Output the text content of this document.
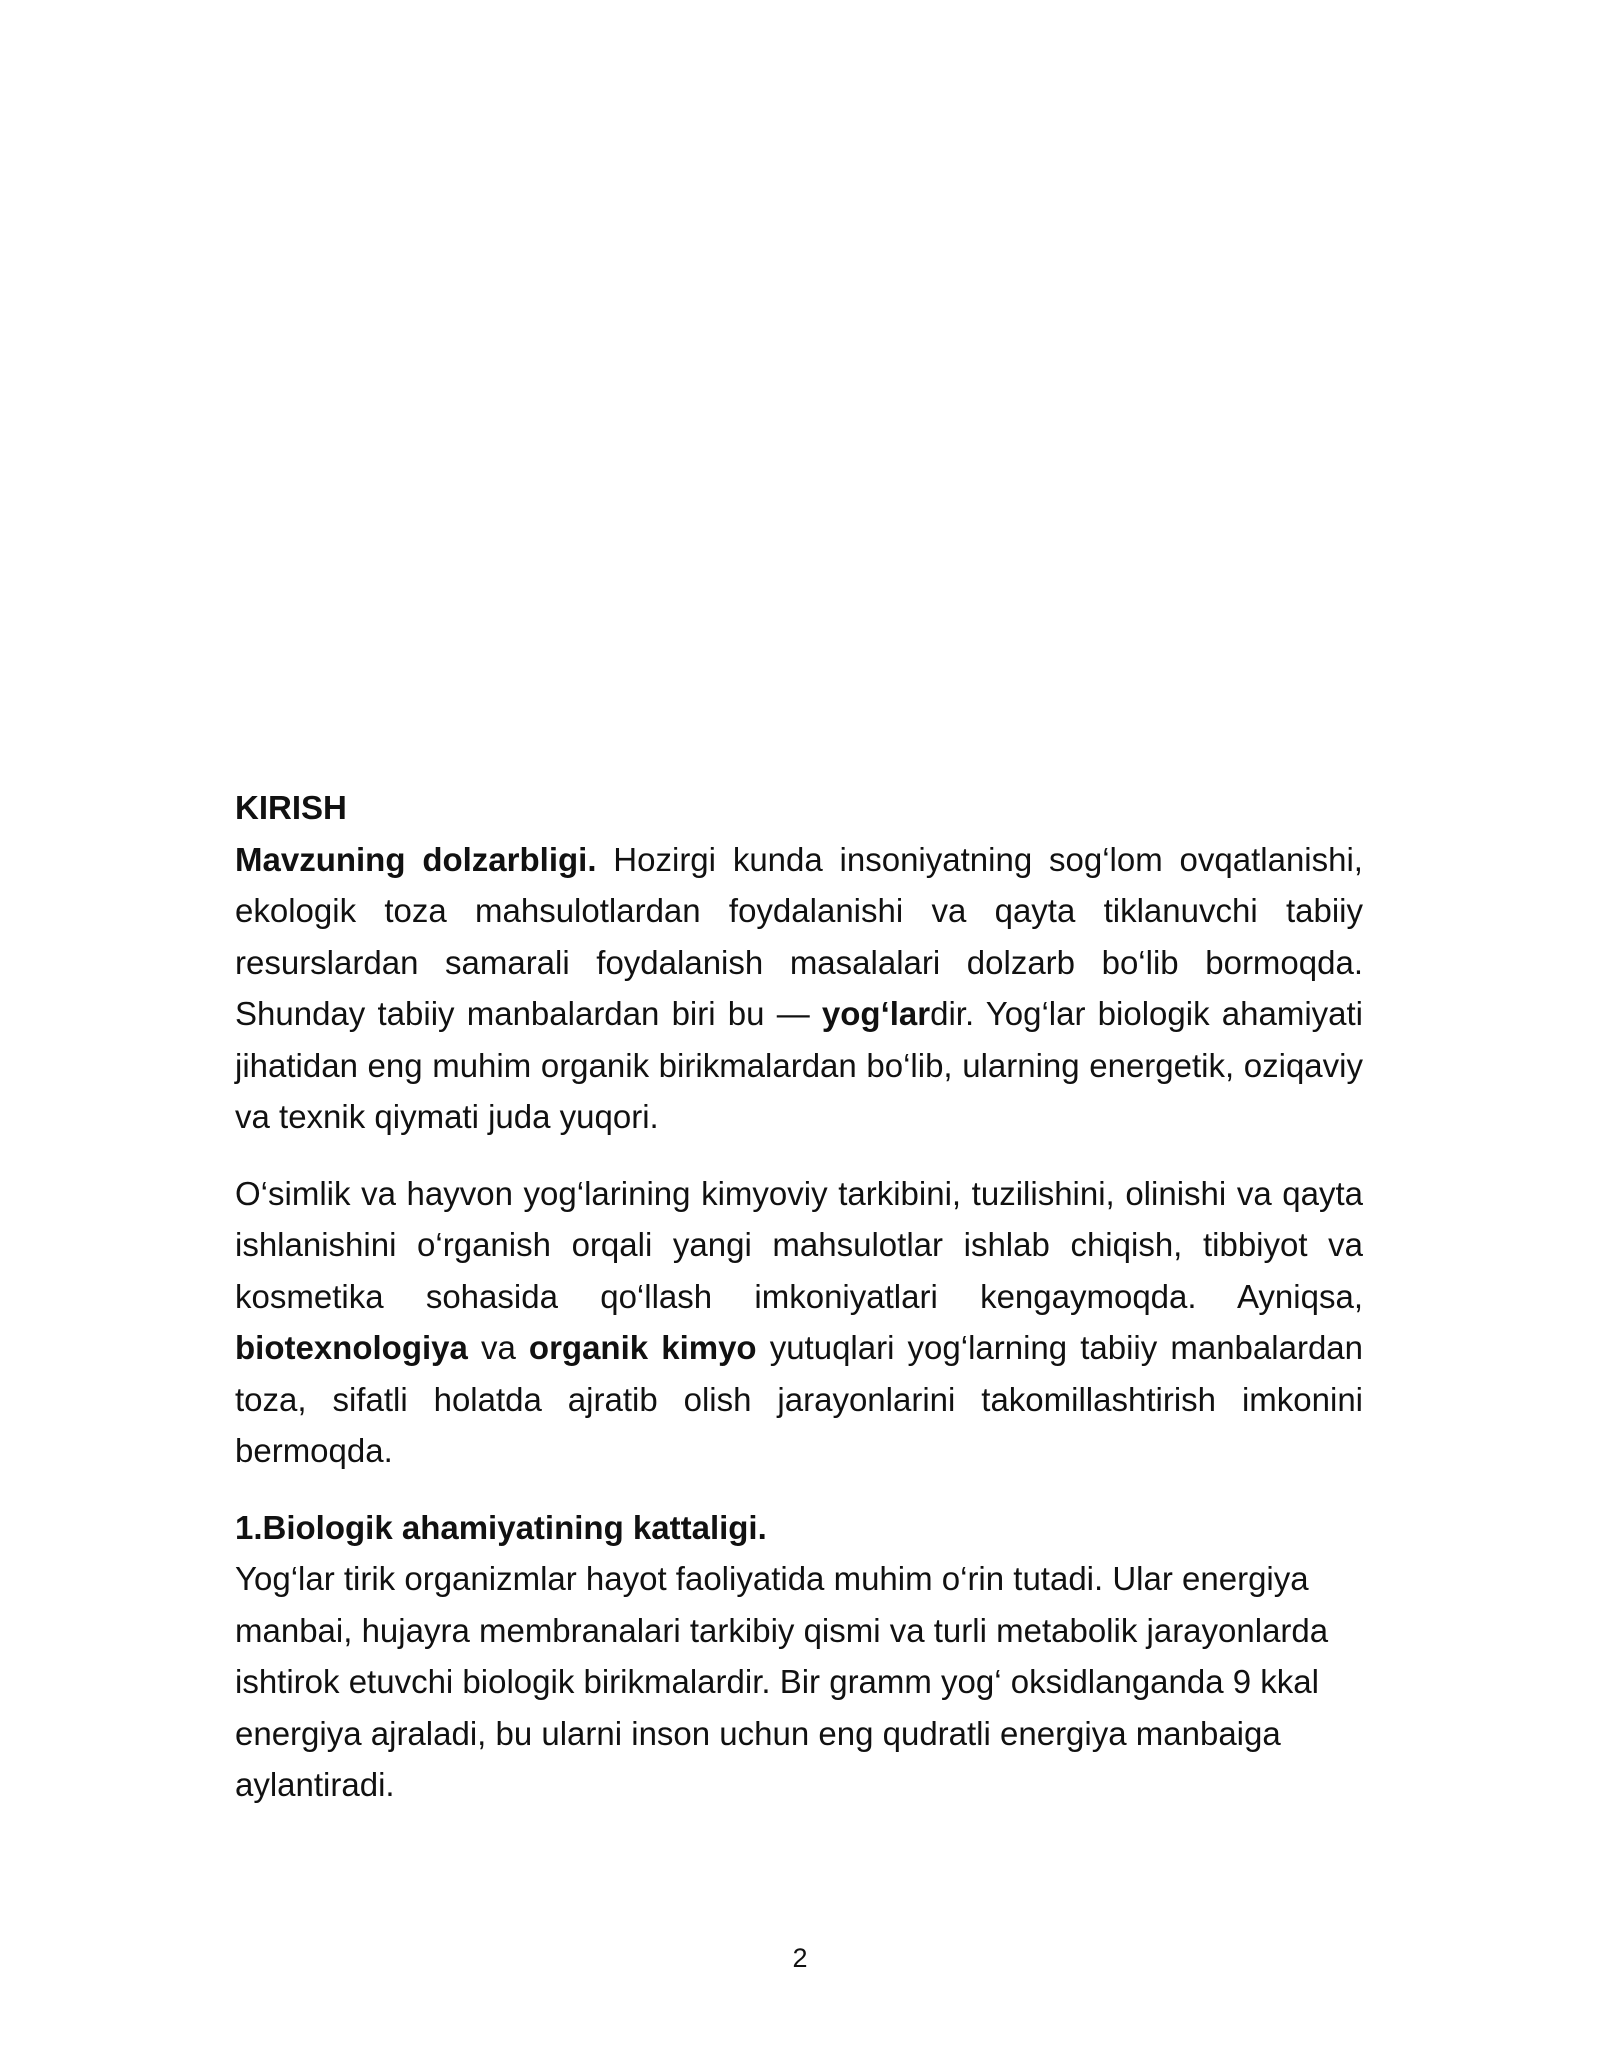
KIRISH

Mavzuning dolzarbligi. Hozirgi kunda insoniyatning sog‘lom ovqatlanishi, ekologik toza mahsulotlardan foydalanishi va qayta tiklanuvchi tabiiy resurslardan samarali foydalanish masalalari dolzarb bo‘lib bormoqda. Shunday tabiiy manbalardan biri bu — yog‘lardir. Yog‘lar biologik ahamiyati jihatidan eng muhim organik birikmalardan bo‘lib, ularning energetik, oziqaviy va texnik qiymati juda yuqori.

O‘simlik va hayvon yog‘larining kimyoviy tarkibini, tuzilishini, olinishi va qayta ishlanishini o‘rganish orqali yangi mahsulotlar ishlab chiqish, tibbiyot va kosmetika sohasida qo‘llash imkoniyatlari kengaymoqda. Ayniqsa, biotexnologiya va organik kimyo yutuqlari yog‘larning tabiiy manbalardan toza, sifatli holatda ajratib olish jarayonlarini takomillashtirish imkonini bermoqda.

1.Biologik ahamiyatining kattaligi.

Yog‘lar tirik organizmlar hayot faoliyatida muhim o‘rin tutadi. Ular energiya manbai, hujayra membranalari tarkibiy qismi va turli metabolik jarayonlarda ishtirok etuvchi biologik birikmalardir. Bir gramm yog‘ oksidlanganda 9 kkal energiya ajraladi, bu ularni inson uchun eng qudratli energiya manbaiga aylantiradi.

2
